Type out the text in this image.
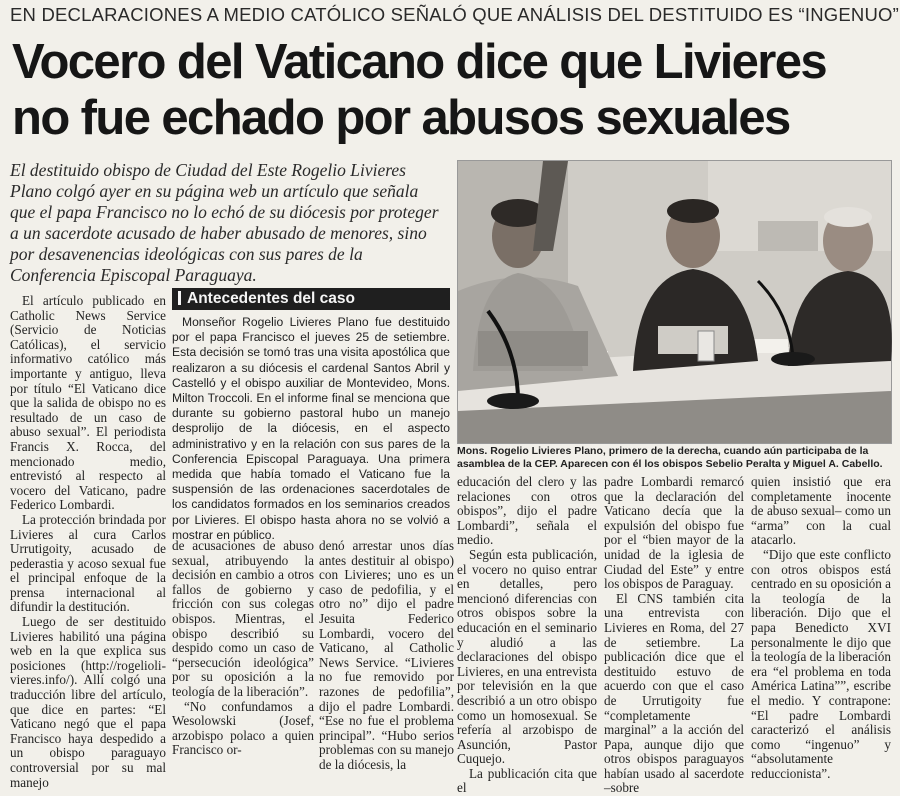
EN DECLARACIONES A MEDIO CATÓLICO SEÑALÓ QUE ANÁLISIS DEL DESTITUIDO ES “INGENUO”
Vocero del Vaticano dice que Livieres
no fue echado por abusos sexuales
El destituido obispo de Ciudad del Este Rogelio Livieres Plano colgó ayer en su página web un artículo que señala que el papa Francisco no lo echó de su diócesis por proteger a un sacerdote acusado de haber abusado de menores, sino por desavenencias ideológicas con sus pares de la Conferencia Episcopal Paraguaya.
Mons. Rogelio Livieres Plano, primero de la derecha, cuando aún participaba de la asamblea de la CEP. Aparecen con él los obispos Sebelio Peralta y Miguel A. Cabello.
Antecedentes del caso
Monseñor Rogelio Livieres Plano fue destituido por el papa Francisco el jueves 25 de setiembre. Esta decisión se tomó tras una visita apostólica que realizaron a su diócesis el cardenal Santos Abril y Castelló y el obispo auxiliar de Montevideo, Mons. Milton Troccoli. En el informe final se menciona que durante su gobierno pastoral hubo un manejo desprolijo de la diócesis, en el aspecto administrativo y en la relación con sus pares de la Conferencia Episcopal Paraguaya. Una primera medida que había tomado el Vaticano fue la suspensión de las ordenaciones sacerdotales de los candidatos formados en los seminarios creados por Livieres. El obispo hasta ahora no se volvió a mostrar en público.

El artículo publicado en Catholic News Service (Servicio de Noticias Católicas), el servicio informativo católico más importante y antiguo, lleva por título “El Vaticano dice que la salida de obispo no es resultado de un caso de abuso sexual”. El periodista Francis X. Rocca, del mencionado medio, entrevistó al respecto al vocero del Vaticano, padre Federico Lombardi.

La protección brindada por Livieres al cura Carlos Urrutigoity, acusado de pederastia y acoso sexual fue el principal enfoque de la prensa internacional al difundir la destitución.

Luego de ser destituido Livieres habilitó una página web en la que explica sus posiciones (http://rogeliolivieres.info/). Allí colgó una traducción libre del artículo, que dice en partes: “El Vaticano negó que el papa Francisco haya despedido a un obispo paraguayo controversial por su mal manejo

de acusaciones de abuso sexual, atribuyendo la decisión en cambio a otros fallos de gobierno y fricción con sus colegas obispos. Mientras, el obispo describió su despido como un caso de “persecución ideológica” por su oposición a la teología de la liberación”.

“No confundamos a Wesolowski (Josef, arzobispo polaco a quien Francisco or-

denó arrestar unos días antes destituir al obispo) con Livieres; uno es un caso de pedofilia, y el otro no” dijo el padre Jesuita Federico Lombardi, vocero del Vaticano, al Catholic News Service. “Livieres no fue removido por razones de pedofilia”, dijo el padre Lombardi. “Ese no fue el problema principal”. “Hubo serios problemas con su manejo de la diócesis, la

educación del clero y las relaciones con otros obispos”, dijo el padre Lombardi”, señala el medio.

Según esta publicación, el vocero no quiso entrar en detalles, pero mencionó diferencias con otros obispos sobre la educación en el seminario y aludió a las declaraciones del obispo Livieres, en una entrevista por televisión en la que describió a un otro obispo como un homosexual. Se refería al arzobispo de Asunción, Pastor Cuquejo.

La publicación cita que el

padre Lombardi remarcó que la declaración del Vaticano decía que la expulsión del obispo fue por el “bien mayor de la unidad de la iglesia de Ciudad del Este” y entre los obispos de Paraguay.

El CNS también cita una entrevista con Livieres en Roma, del 27 de setiembre. La publicación dice que el destituido estuvo de acuerdo con que el caso de Urrutigoity fue “completamente marginal” a la acción del Papa, aunque dijo que otros obispos paraguayos habían usado al sacerdote –sobre

quien insistió que era completamente inocente de abuso sexual– como un “arma” con la cual atacarlo.

“Dijo que este conflicto con otros obispos está centrado en su oposición a la teología de la liberación. Dijo que el papa Benedicto XVI personalmente le dijo que la teología de la liberación era “el problema en toda América Latina””, escribe el medio. Y contrapone: “El padre Lombardi caracterizó el análisis como “ingenuo” y “absolutamente reduccionista”.
